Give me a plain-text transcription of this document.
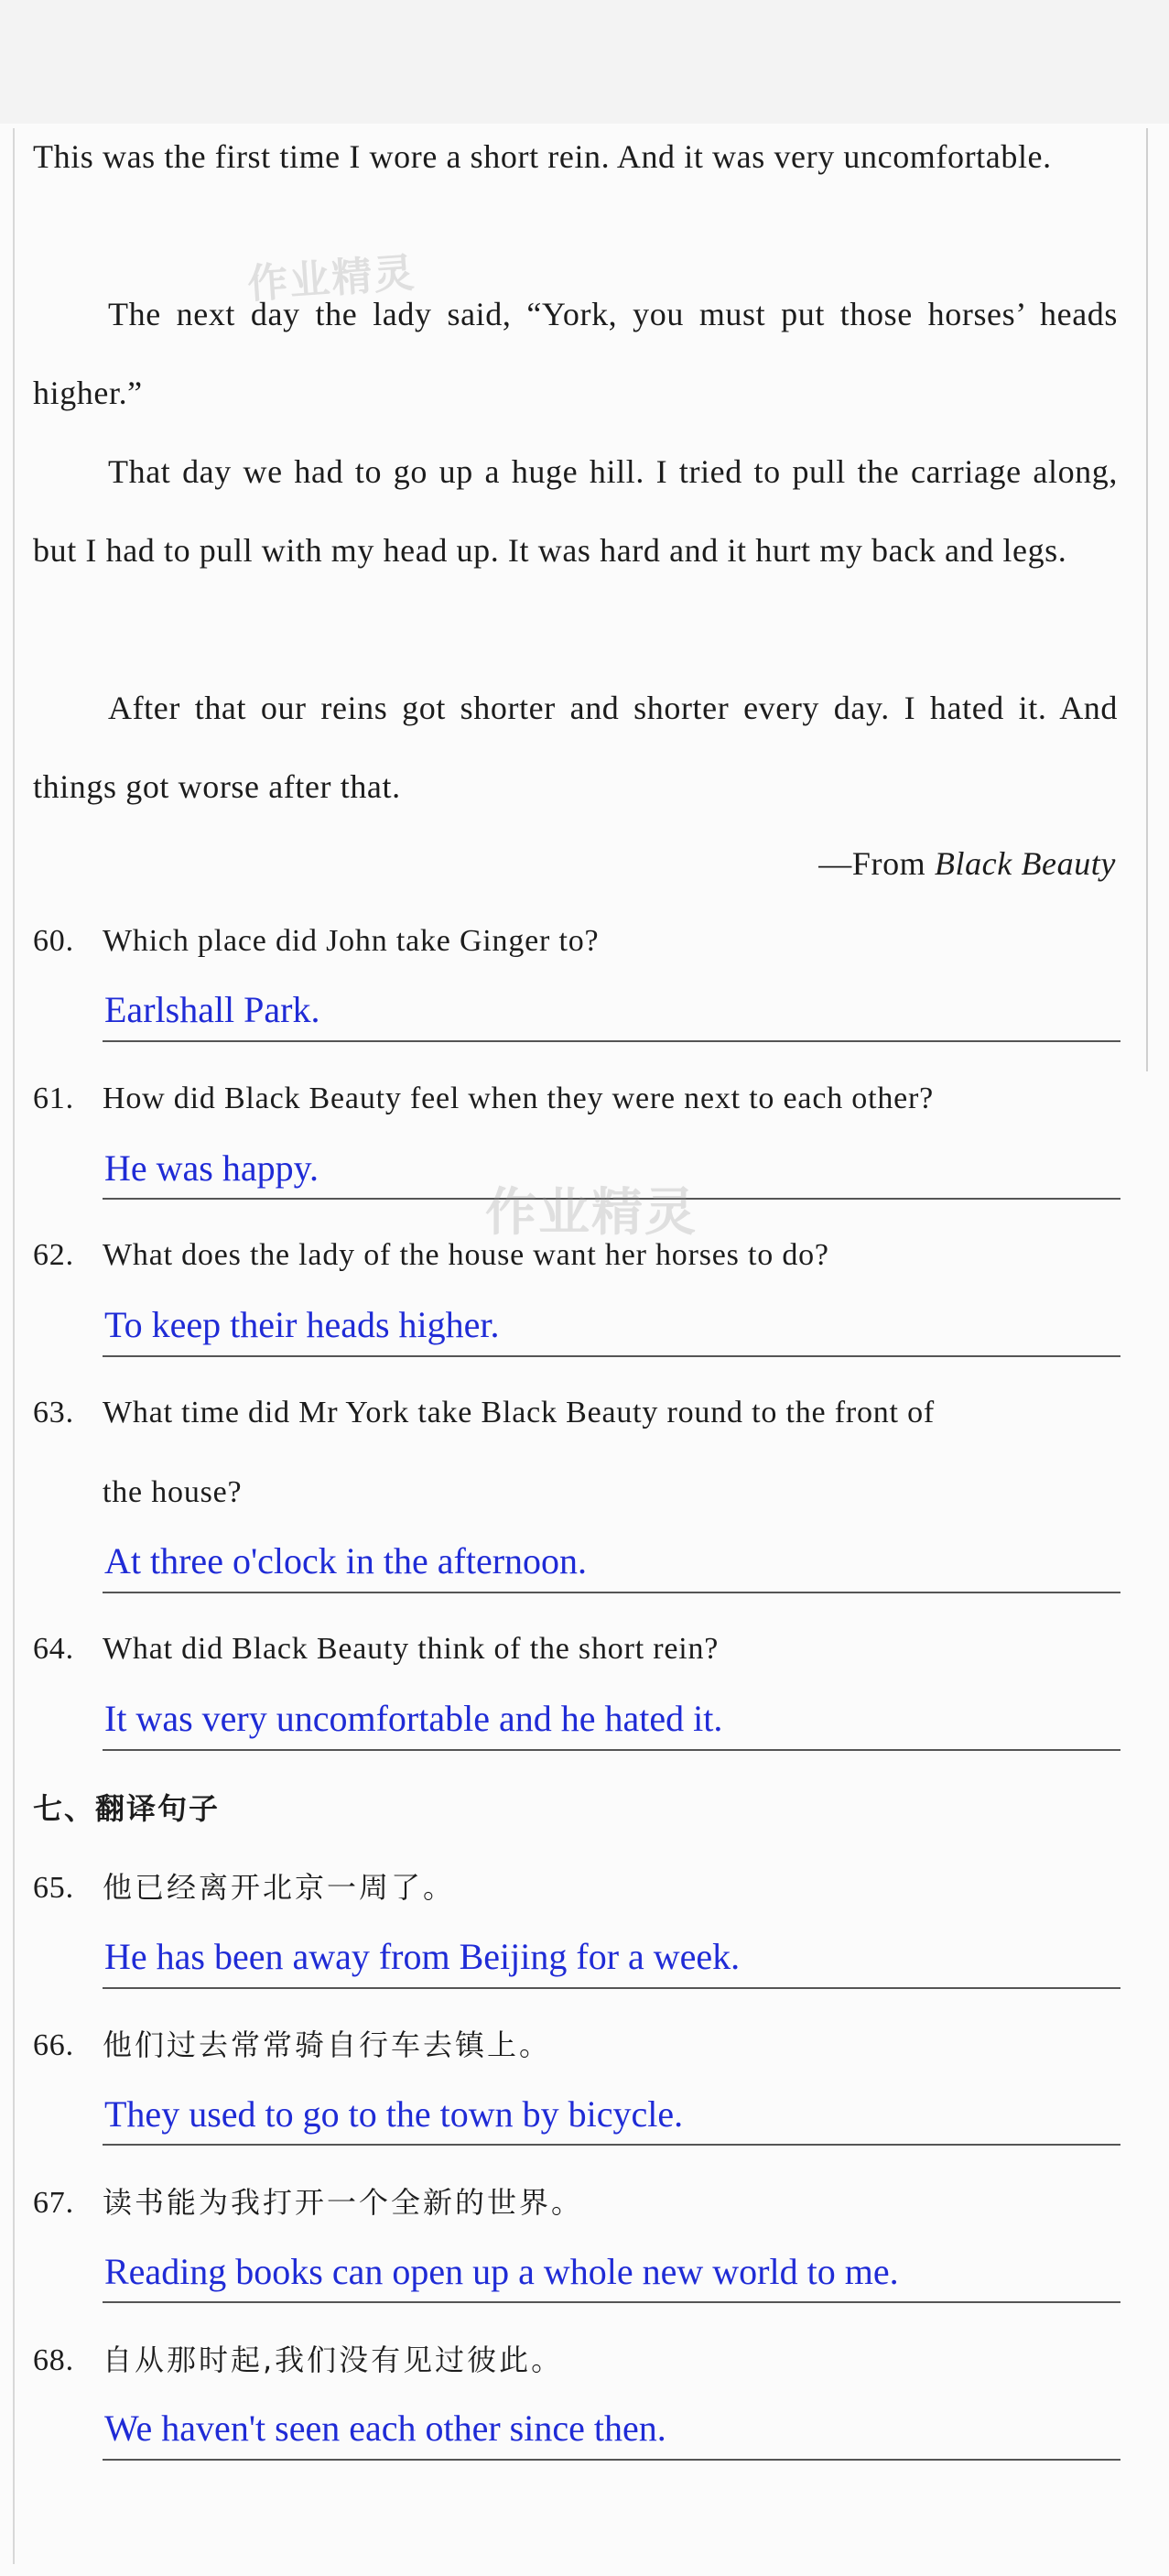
This was the first time I wore a short rein. And it was very uncomfortable.

The next day the lady said, “York, you must put those horses’ heads higher.”

That day we had to go up a huge hill. I tried to pull the carriage along, but I had to pull with my head up. It was hard and it hurt my back and legs.

After that our reins got shorter and shorter every day. I hated it. And things got worse after that.

—From Black Beauty
60. Which place did John take Ginger to?
Earlshall Park.
61. How did Black Beauty feel when they were next to each other?
He was happy.
62. What does the lady of the house want her horses to do?
To keep their heads higher.
63. What time did Mr York take Black Beauty round to the front of
the house?
At three o'clock in the afternoon.
64. What did Black Beauty think of the short rein?
It was very uncomfortable and he hated it.
七、翻译句子
65. 他已经离开北京一周了。
He has been away from Beijing for a week.
66. 他们过去常常骑自行车去镇上。
They used to go to the town by bicycle.
67. 读书能为我打开一个全新的世界。
Reading books can open up a whole new world to me.
68. 自从那时起,我们没有见过彼此。
We haven't seen each other since then.
作业精灵
作业精灵
